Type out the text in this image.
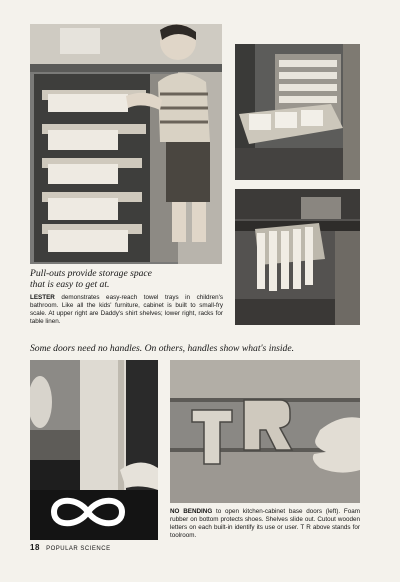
Pull-outs provide storage space
that is easy to get at.

LESTER demonstrates easy-reach towel trays in children's bathroom. Like all the kids' furniture, cabinet is built to small-fry scale. At upper right are Daddy's shirt shelves; lower right, racks for table linen.

Some doors need no handles. On others, handles show what's inside.

NO BENDING to open kitchen-cabinet base doors (left). Foam rubber on bottom protects shoes. Shelves slide out. Cutout wooden letters on each built-in identify its use or user. T R above stands for toolroom.

18 POPULAR SCIENCE
